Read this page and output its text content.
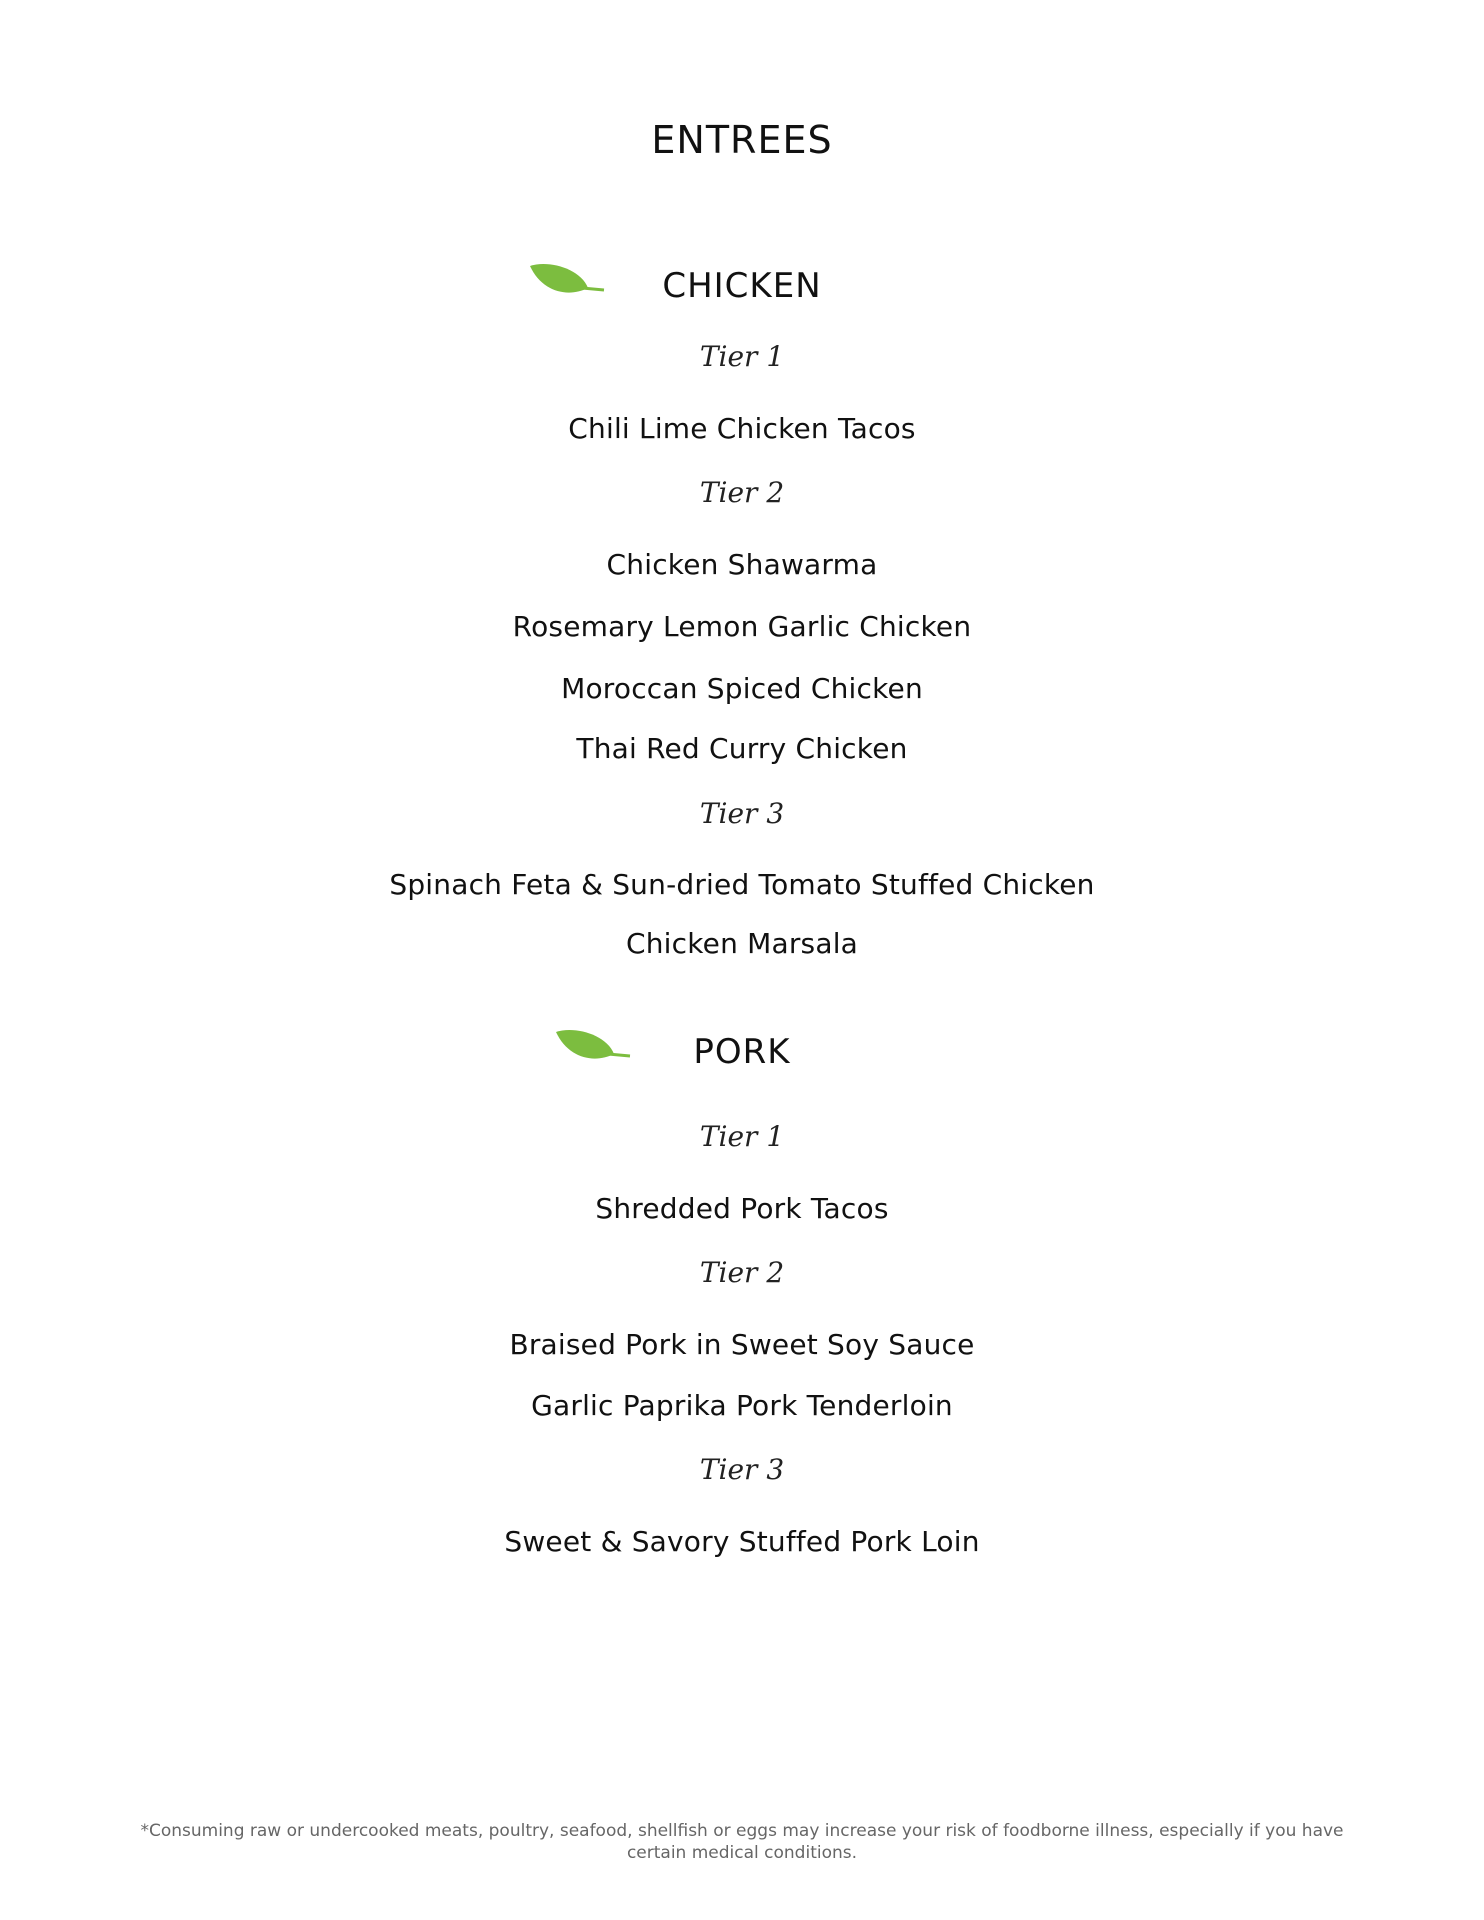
ENTREES
CHICKEN
Tier 1
Chili Lime Chicken Tacos
Tier 2
Chicken Shawarma
Rosemary Lemon Garlic Chicken
Moroccan Spiced Chicken
Thai Red Curry Chicken
Tier 3
Spinach Feta & Sun-dried Tomato Stuffed Chicken
Chicken Marsala
PORK
Tier 1
Shredded Pork Tacos
Tier 2
Braised Pork in Sweet Soy Sauce
Garlic Paprika Pork Tenderloin
Tier 3
Sweet & Savory Stuffed Pork Loin
*Consuming raw or undercooked meats, poultry, seafood, shellfish or eggs may increase your risk of foodborne illness, especially if you have certain medical conditions.
